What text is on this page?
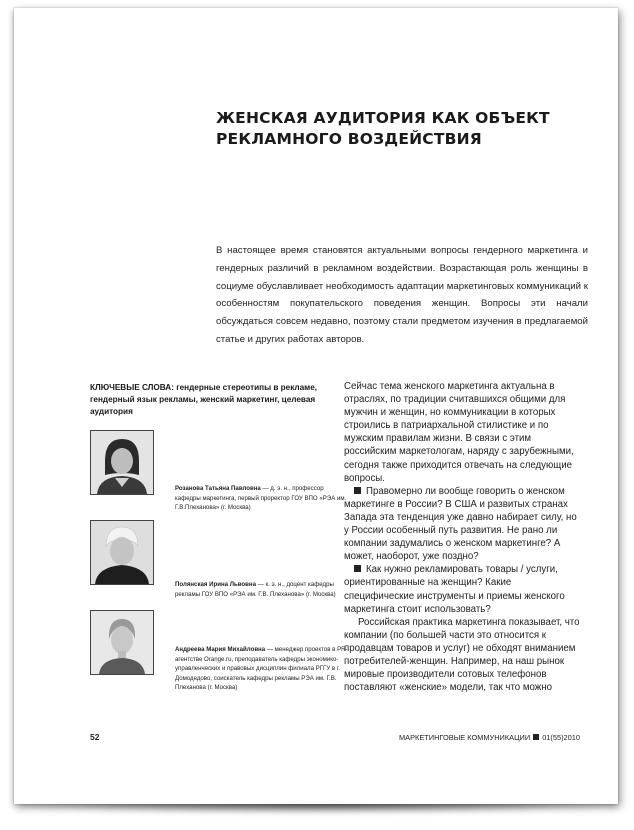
ЖЕНСКАЯ АУДИТОРИЯ КАК ОБЪЕКТ
РЕКЛАМНОГО ВОЗДЕЙСТВИЯ

В настоящее время становятся актуальными вопросы гендерного маркетинга и гендерных различий в рекламном воздействии. Возрастающая роль женщины в социуме обуславливает необходимость адаптации маркетинговых коммуникаций к особенностям покупательского поведения женщин. Вопросы эти начали обсуждаться совсем недавно, поэтому стали предметом изучения в предлагаемой статье и других работах авторов.

КЛЮЧЕВЫЕ СЛОВА: гендерные стереотипы в рекламе, гендерный язык рекламы, женский маркетинг, целевая аудитория

Розанова Татьяна Павловна — д. э. н., профессор кафедры маркетинга, первый проректор ГОУ ВПО «РЭА им. Г.В.Плеханова» (г. Москва)

Полянская Ирина Львовна — к. э. н., доцент кафедры рекламы ГОУ ВПО «РЭА им. Г.В. Плеханова» (г. Москва)

Андреева Мария Михайловна — менеджер проектов в PR-агентстве Orange.ru, преподаватель кафедры экономико-управленческих и правовых дисциплин филиала РГГУ в г. Домодедово, соискатель кафедры рекламы РЭА им. Г.В. Плеханова (г. Москва)

Сейчас тема женского маркетинга актуальна в отраслях, по традиции считавшихся общими для мужчин и женщин, но коммуникации в которых строились в патриархальной стилистике и по мужским правилам жизни. В связи с этим российским маркетологам, наряду с зарубежными, сегодня также приходится отвечать на следующие вопросы.

Правомерно ли вообще говорить о женском маркетинге в России? В США и развитых странах Запада эта тенденция уже давно набирает силу, но у России особенный путь развития. Не рано ли компании задумались о женском маркетинге? А может, наоборот, уже поздно?

Как нужно рекламировать товары / услуги, ориентированные на женщин? Какие специфические инструменты и приемы женского маркетинга стоит использовать?

Российская практика маркетинга показывает, что компании (по большей части это относится к продавцам товаров и услуг) не обходят вниманием потребителей-женщин. Например, на наш рынок мировые производители сотовых телефонов поставляют «женские» модели, так что можно

52	МАРКЕТИНГОВЫЕ КОММУНИКАЦИИ 01(55)2010
